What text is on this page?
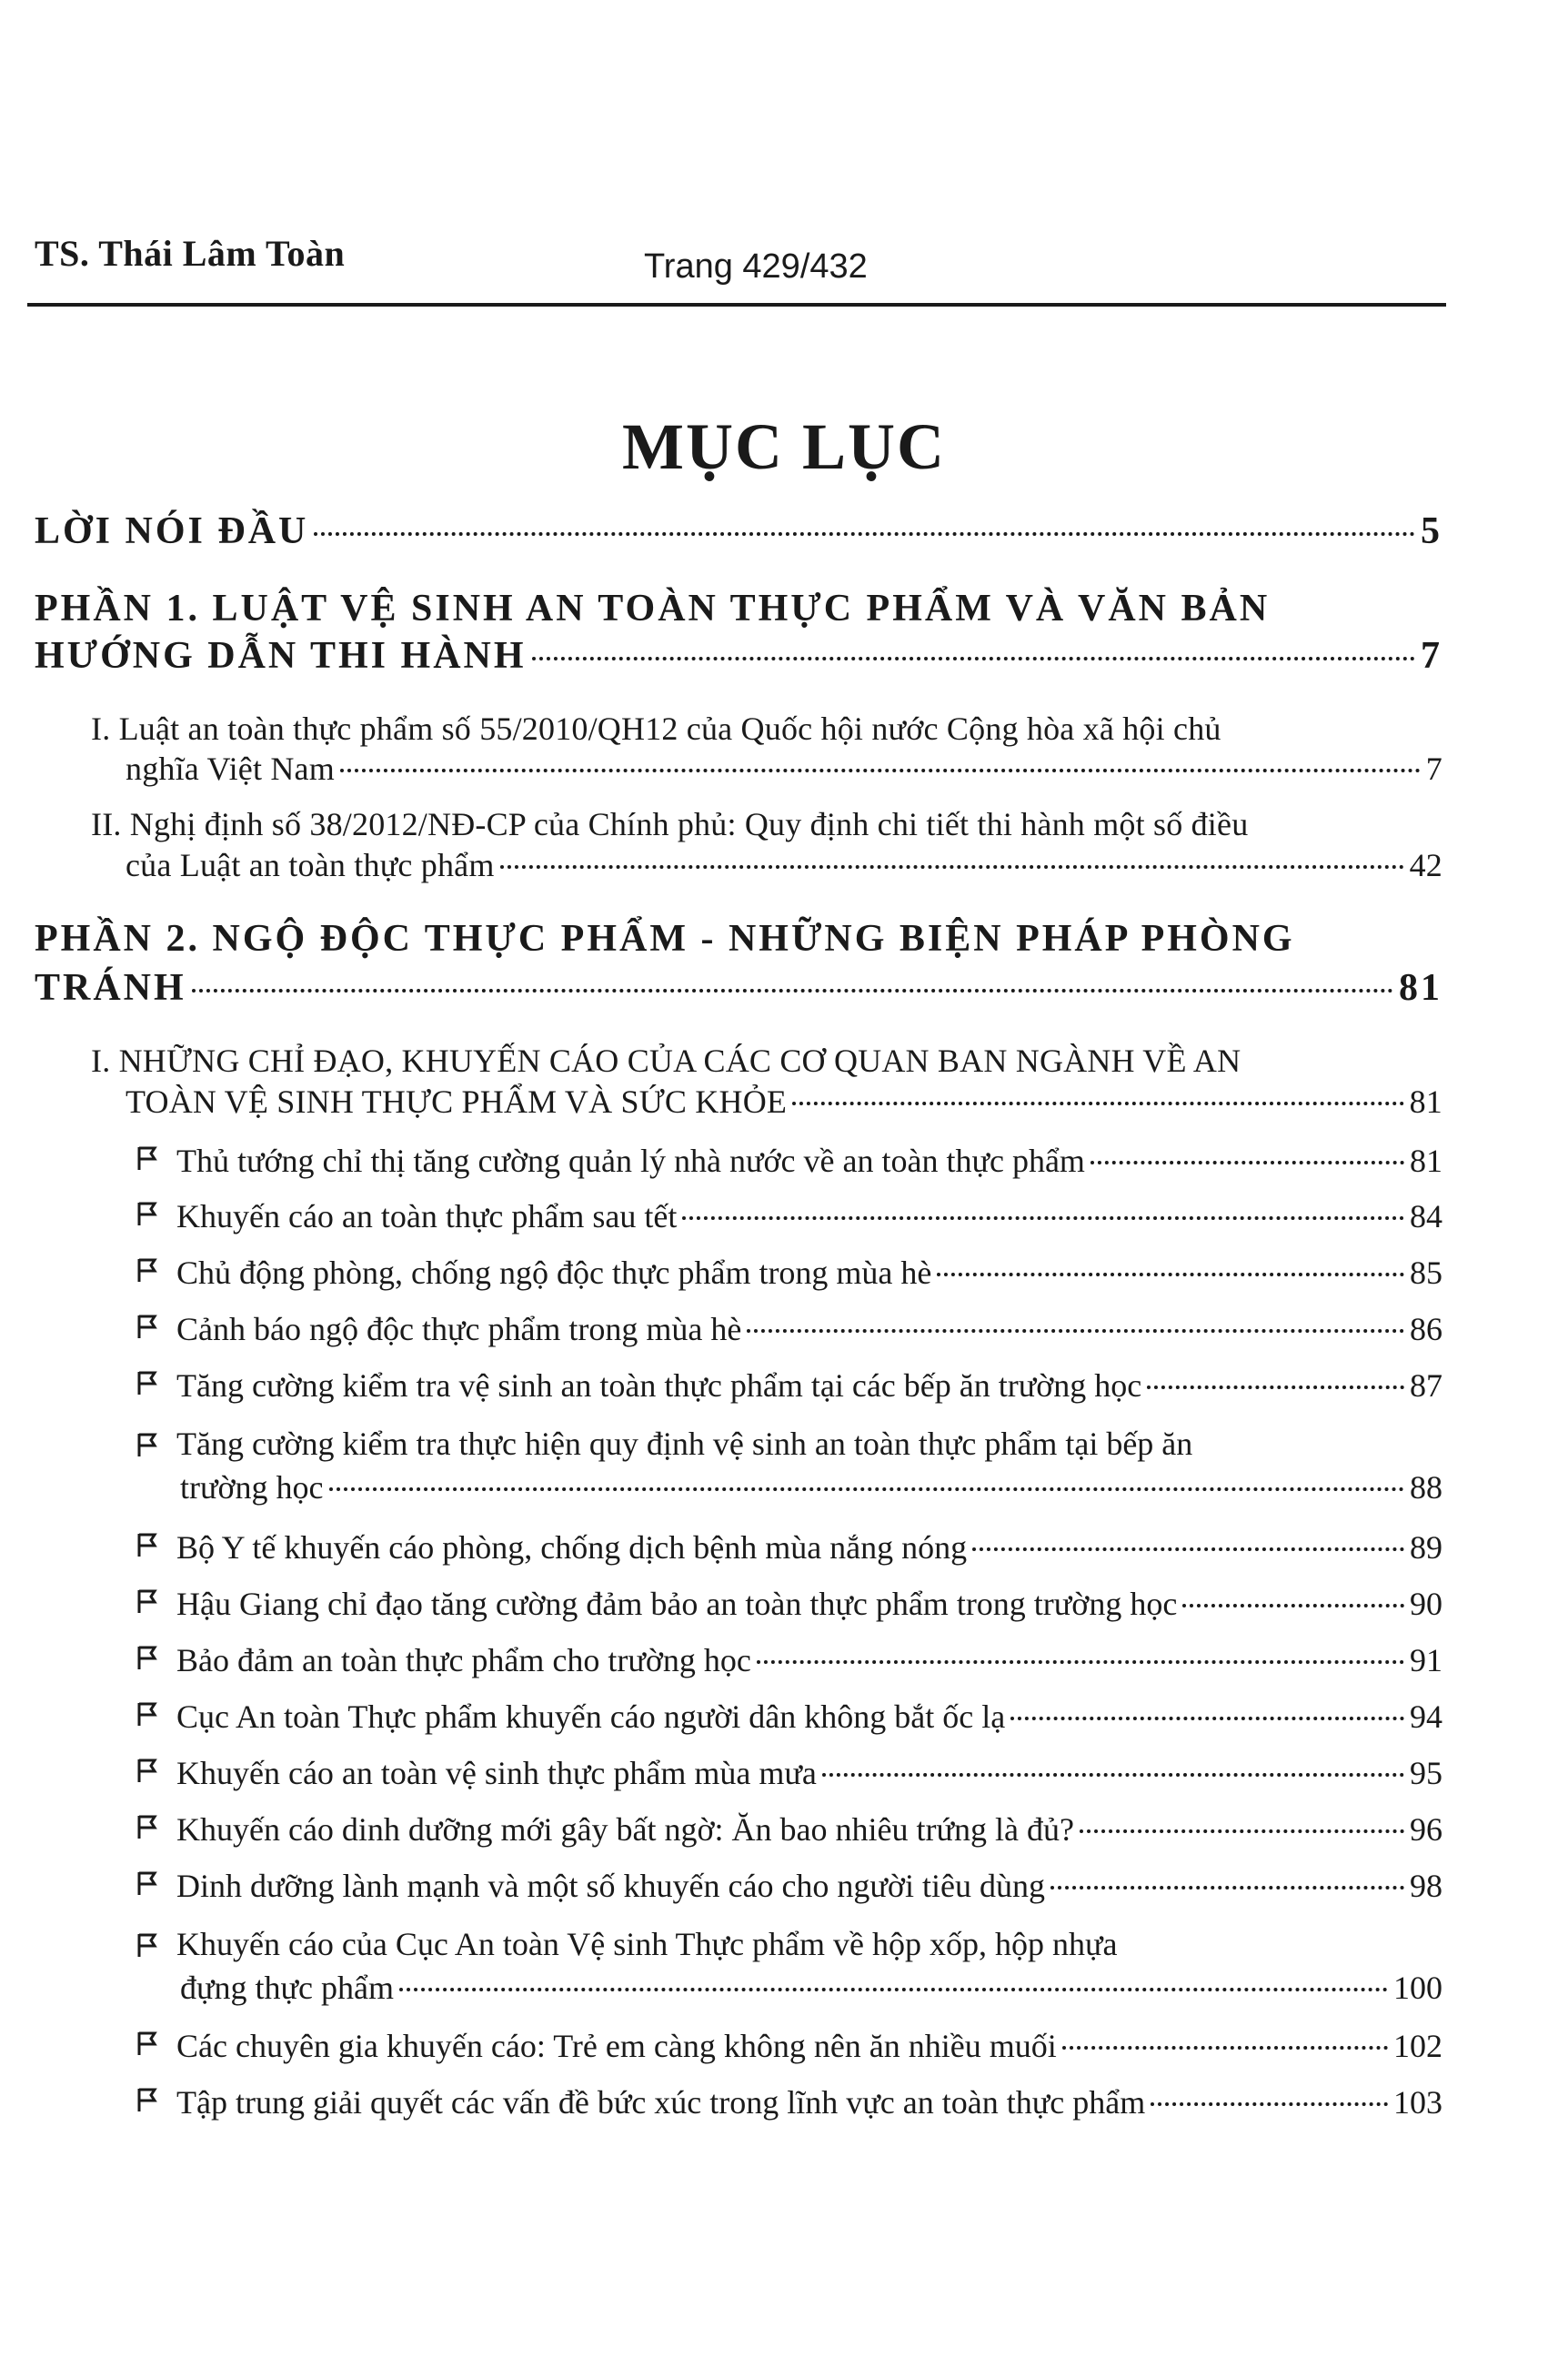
TS. Thái Lâm Toàn	Trang 429/432
MỤC LỤC
LỜI NÓI ĐẦU	5
PHẦN 1. LUẬT VỆ SINH AN TOÀN THỰC PHẨM VÀ VĂN BẢN
HƯỚNG DẪN THI HÀNH	7
I. Luật an toàn thực phẩm số 55/2010/QH12 của Quốc hội nước Cộng hòa xã hội chủ
nghĩa Việt Nam	7
II. Nghị định số 38/2012/NĐ-CP của Chính phủ: Quy định chi tiết thi hành một số điều
của Luật an toàn thực phẩm	42
PHẦN 2. NGỘ ĐỘC THỰC PHẨM - NHỮNG BIỆN PHÁP PHÒNG
TRÁNH	81
I. NHỮNG CHỈ ĐẠO, KHUYẾN CÁO CỦA CÁC CƠ QUAN BAN NGÀNH VỀ AN
TOÀN VỆ SINH THỰC PHẨM VÀ SỨC KHỎE	81
Thủ tướng chỉ thị tăng cường quản lý nhà nước về an toàn thực phẩm	81
Khuyến cáo an toàn thực phẩm sau tết	84
Chủ động phòng, chống ngộ độc thực phẩm trong mùa hè	85
Cảnh báo ngộ độc thực phẩm trong mùa hè	86
Tăng cường kiểm tra vệ sinh an toàn thực phẩm tại các bếp ăn trường học	87
Tăng cường kiểm tra thực hiện quy định vệ sinh an toàn thực phẩm tại bếp ăn
trường học	88
Bộ Y tế khuyến cáo phòng, chống dịch bệnh mùa nắng nóng	89
Hậu Giang chỉ đạo tăng cường đảm bảo an toàn thực phẩm trong trường học	90
Bảo đảm an toàn thực phẩm cho trường học	91
Cục An toàn Thực phẩm khuyến cáo người dân không bắt ốc lạ	94
Khuyến cáo an toàn vệ sinh thực phẩm mùa mưa	95
Khuyến cáo dinh dưỡng mới gây bất ngờ: Ăn bao nhiêu trứng là đủ?	96
Dinh dưỡng lành mạnh và một số khuyến cáo cho người tiêu dùng	98
Khuyến cáo của Cục An toàn Vệ sinh Thực phẩm về hộp xốp, hộp nhựa
đựng thực phẩm	100
Các chuyên gia khuyến cáo: Trẻ em càng không nên ăn nhiều muối	102
Tập trung giải quyết các vấn đề bức xúc trong lĩnh vực an toàn thực phẩm	103
